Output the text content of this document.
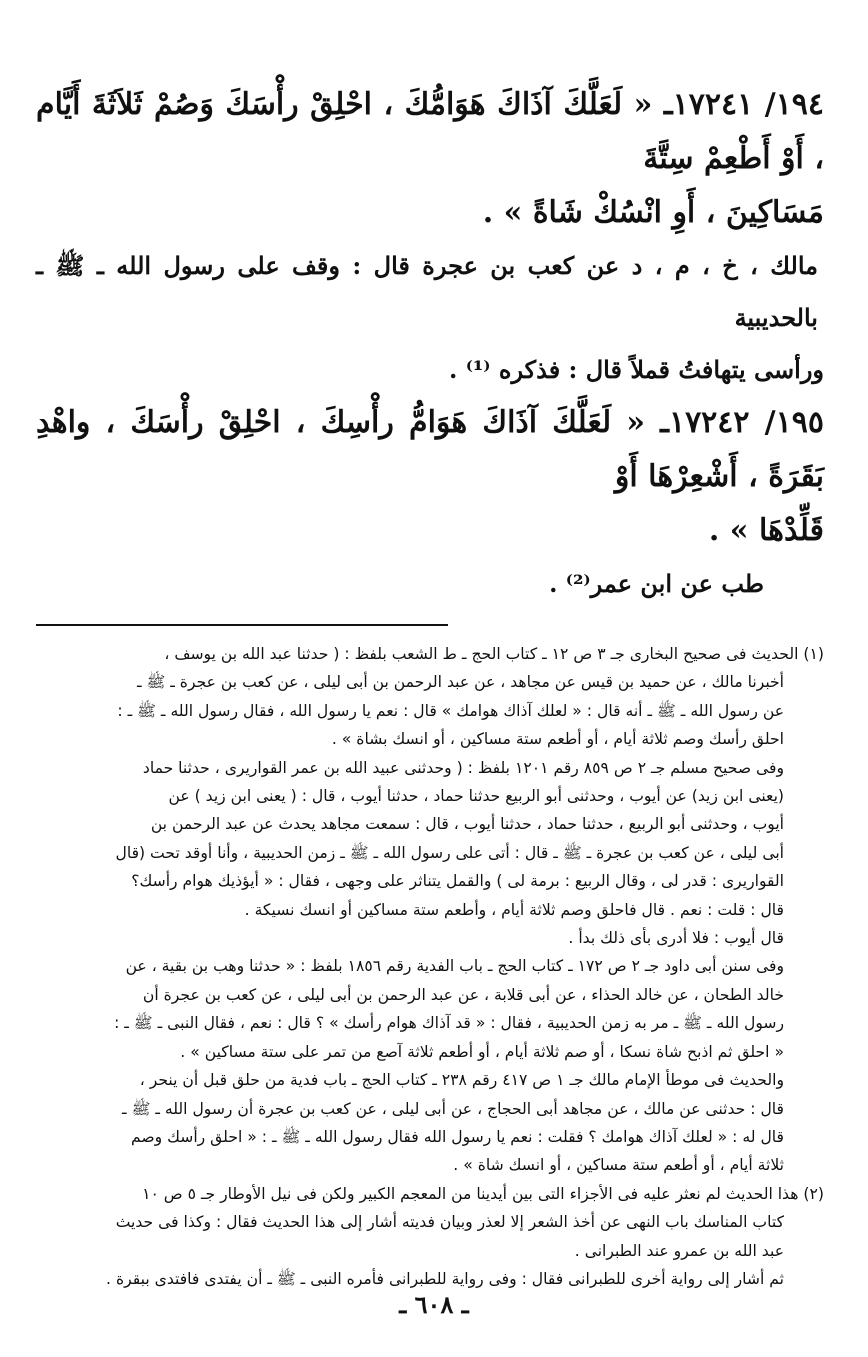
١٩٤/ ١٧٢٤١ـ « لَعَلَّكَ آذَاكَ هَوَامُّكَ ، احْلِقْ رأْسَكَ وَصُمْ ثَلاَثَةَ أَيَّام ، أَوْ أَطْعِمْ سِتَّةَ

مَسَاكِينَ ، أَوِ انْسُكْ شَاةً » .

مالك ، خ ، م ، د عن كعب بن عجرة قال : وقف على رسول الله ـ ﷺ ـ بالحديبية

ورأسى يتهافتُ قملاً قال : فذكره ⁽¹⁾ .

١٩٥/ ١٧٢٤٢ـ « لَعَلَّكَ آذَاكَ هَوَامُّ رأْسِكَ ، احْلِقْ رأْسَكَ ، واهْدِ بَقَرَةً ، أَشْعِرْهَا أَوْ

قَلِّدْهَا » .

طب عن ابن عمر⁽²⁾ .

(١) الحديث فى صحيح البخارى جـ ٣ ص ١٢ ـ كتاب الحج ـ ط الشعب بلفظ : ( حدثنا عبد الله بن يوسف ،

أخبرنا مالك ، عن حميد بن قيس عن مجاهد ، عن عبد الرحمن بن أبى ليلى ، عن كعب بن عجرة ـ ﷺ ـ

عن رسول الله ـ ﷺ ـ أنه قال : « لعلك آذاك هوامك » قال : نعم يا رسول الله ، فقال رسول الله ـ ﷺ ـ :

احلق رأسك وصم ثلاثة أيام ، أو أطعم ستة مساكين ، أو انسك بشاة » .

وفى صحيح مسلم جـ ٢ ص ٨٥٩ رقم ١٢٠١ بلفظ : ( وحدثنى عبيد الله بن عمر القواريرى ، حدثنا حماد

(يعنى ابن زيد) عن أيوب ، وحدثنى أبو الربيع حدثنا حماد ، حدثنا أيوب ، قال : ( يعنى ابن زيد ) عن

أيوب ، وحدثنى أبو الربيع ، حدثنا حماد ، حدثنا أيوب ، قال : سمعت مجاهد يحدث عن عبد الرحمن بن

أبى ليلى ، عن كعب بن عجرة ـ ﷺ ـ قال : أتى على رسول الله ـ ﷺ ـ زمن الحديبية ، وأنا أوقد تحت (قال

القواريرى : قدر لى ، وقال الربيع : برمة لى ) والقمل يتناثر على وجهى ، فقال : « أيؤذيك هوام رأسك؟

قال : قلت : نعم . قال فاحلق وصم ثلاثة أيام ، وأطعم ستة مساكين أو انسك نسيكة .

قال أيوب : فلا أدرى بأى ذلك بدأ .

وفى سنن أبى داود جـ ٢ ص ١٧٢ ـ كتاب الحج ـ باب الفدية رقم ١٨٥٦ بلفظ : « حدثنا وهب بن بقية ، عن

خالد الطحان ، عن خالد الحذاء ، عن أبى قلابة ، عن عبد الرحمن بن أبى ليلى ، عن كعب بن عجرة أن

رسول الله ـ ﷺ ـ مر به زمن الحديبية ، فقال : « قد آذاك هوام رأسك » ؟ قال : نعم ، فقال النبى ـ ﷺ ـ :

« احلق ثم اذبح شاة نسكا ، أو صم ثلاثة أيام ، أو أطعم ثلاثة آصع من تمر على ستة مساكين » .

والحديث فى موطأ الإمام مالك جـ ١ ص ٤١٧ رقم ٢٣٨ ـ كتاب الحج ـ باب فدية من حلق قبل أن ينحر ،

قال : حدثنى عن مالك ، عن مجاهد أبى الحجاج ، عن أبى ليلى ، عن كعب بن عجرة أن رسول الله ـ ﷺ ـ

قال له : « لعلك آذاك هوامك ؟ فقلت : نعم يا رسول الله فقال رسول الله ـ ﷺ ـ : « احلق رأسك وصم

ثلاثة أيام ، أو أطعم ستة مساكين ، أو انسك شاة » .

(٢) هذا الحديث لم نعثر عليه فى الأجزاء التى بين أيدينا من المعجم الكبير ولكن فى نيل الأوطار جـ ٥ ص ١٠

كتاب المناسك باب النهى عن أخذ الشعر إلا لعذر وبيان فديته أشار إلى هذا الحديث فقال : وكذا فى حديث

عبد الله بن عمرو عند الطبرانى .

ثم أشار إلى رواية أخرى للطبرانى فقال : وفى رواية للطبرانى فأمره النبى ـ ﷺ ـ أن يفتدى فافتدى ببقرة .

ـ ٦٠٨ ـ
